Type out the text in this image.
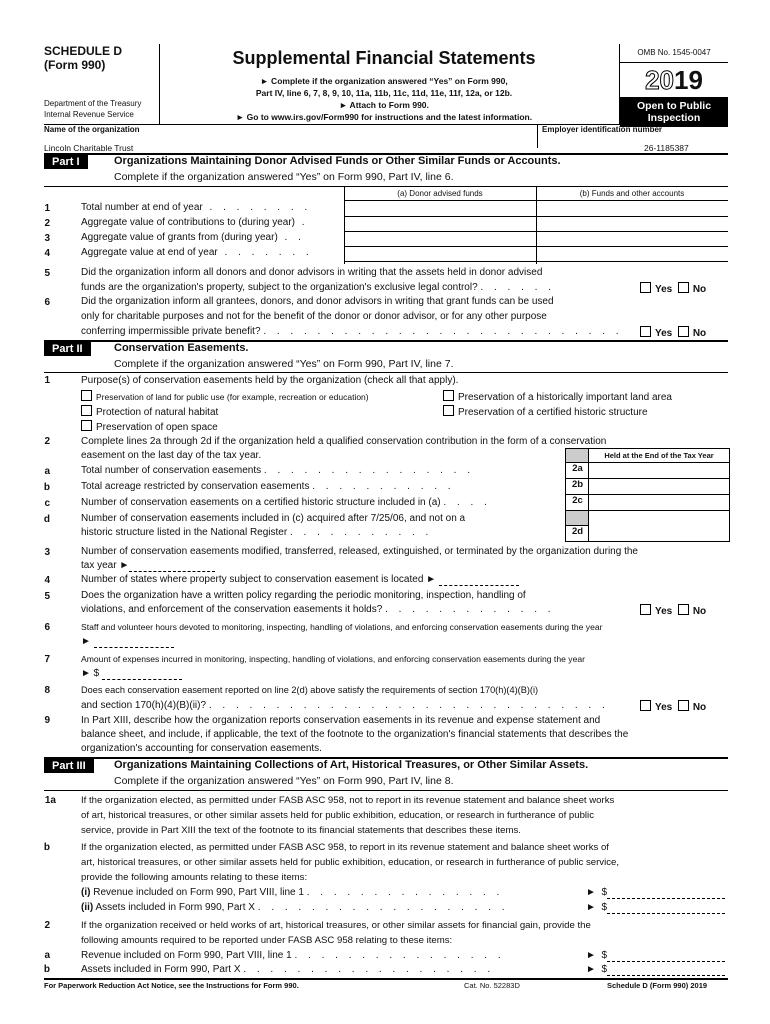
SCHEDULE D
(Form 990)
Department of the Treasury
Internal Revenue Service
Supplemental Financial Statements
► Complete if the organization answered “Yes” on Form 990,
Part IV, line 6, 7, 8, 9, 10, 11a, 11b, 11c, 11d, 11e, 11f, 12a, or 12b.
► Attach to Form 990.
► Go to www.irs.gov/Form990 for instructions and the latest information.
OMB No. 1545-0047
2019
Open to Public
Inspection
Name of the organization	Employer identification number
Lincoln Charitable Trust	26-1185387
Part I	Organizations Maintaining Donor Advised Funds or Other Similar Funds or Accounts.
Complete if the organization answered “Yes” on Form 990, Part IV, line 6.
(a) Donor advised funds	(b) Funds and other accounts
5	Did the organization inform all donors and donor advisors in writing that the assets held in donor advised
funds are the organization's property, subject to the organization's exclusive legal control? . . . . . .	Yes No
6	Did the organization inform all grantees, donors, and donor advisors in writing that grant funds can be used
only for charitable purposes and not for the benefit of the donor or donor advisor, or for any other purpose
conferring impermissible private benefit? . . . . . . . . . . . . . . . . . . . . . . . . . . .	Yes No
Part II	Conservation Easements.
Complete if the organization answered “Yes” on Form 990, Part IV, line 7.
1	Purpose(s) of conservation easements held by the organization (check all that apply).
Preservation of land for public use (for example, recreation or education)	Preservation of a historically important land area
Protection of natural habitat	Preservation of a certified historic structure
Preservation of open space
2	Complete lines 2a through 2d if the organization held a qualified conservation contribution in the form of a conservation
easement on the last day of the tax year.	Held at the End of the Tax Year
a	Total number of conservation easements . . . . . . . . . . . . . . . .	2a
b	Total acreage restricted by conservation easements . . . . . . . . . . .	2b
c	Number of conservation easements on a certified historic structure included in (a) . . . .	2c
d	Number of conservation easements included in (c) acquired after 7/25/06, and not on a
historic structure listed in the National Register . . . . . . . . . . .	2d
3	Number of conservation easements modified, transferred, released, extinguished, or terminated by the organization during the
tax year ►
4	Number of states where property subject to conservation easement is located ►
5	Does the organization have a written policy regarding the periodic monitoring, inspection, handling of
violations, and enforcement of the conservation easements it holds? . . . . . . . . . . . . .	Yes No
6	Staff and volunteer hours devoted to monitoring, inspecting, handling of violations, and enforcing conservation easements during the year
►
7	Amount of expenses incurred in monitoring, inspecting, handling of violations, and enforcing conservation easements during the year
► $
8	Does each conservation easement reported on line 2(d) above satisfy the requirements of section 170(h)(4)(B)(i)
and section 170(h)(4)(B)(ii)? . . . . . . . . . . . . . . . . . . . . . . . . . . . . . .	Yes No
9	In Part XIII, describe how the organization reports conservation easements in its revenue and expense statement and
balance sheet, and include, if applicable, the text of the footnote to the organization's financial statements that describes the
organization's accounting for conservation easements.
Part III	Organizations Maintaining Collections of Art, Historical Treasures, or Other Similar Assets.
Complete if the organization answered “Yes” on Form 990, Part IV, line 8.
1a	If the organization elected, as permitted under FASB ASC 958, not to report in its revenue statement and balance sheet works
of art, historical treasures, or other similar assets held for public exhibition, education, or research in furtherance of public
service, provide in Part XIII the text of the footnote to its financial statements that describes these items.
b	If the organization elected, as permitted under FASB ASC 958, to report in its revenue statement and balance sheet works of
art, historical treasures, or other similar assets held for public exhibition, education, or research in furtherance of public service,
provide the following amounts relating to these items:
(i) Revenue included on Form 990, Part VIII, line 1 . . . . . . . . . . . . . . .	►  $
(ii) Assets included in Form 990, Part X . . . . . . . . . . . . . . . . . . .	►  $
2	If the organization received or held works of art, historical treasures, or other similar assets for financial gain, provide the
following amounts required to be reported under FASB ASC 958 relating to these items:
a	Revenue included on Form 990, Part VIII, line 1 . . . . . . . . . . . . . . . .	►  $
b	Assets included in Form 990, Part X . . . . . . . . . . . . . . . . . . .	►  $
For Paperwork Reduction Act Notice, see the Instructions for Form 990.	Cat. No. 52283D	Schedule D (Form 990) 2019
1	Total number at end of year . . . . . . . .
2	Aggregate value of contributions to (during year) .
3	Aggregate value of grants from (during year) . .
4	Aggregate value at end of year . . . . . . .
